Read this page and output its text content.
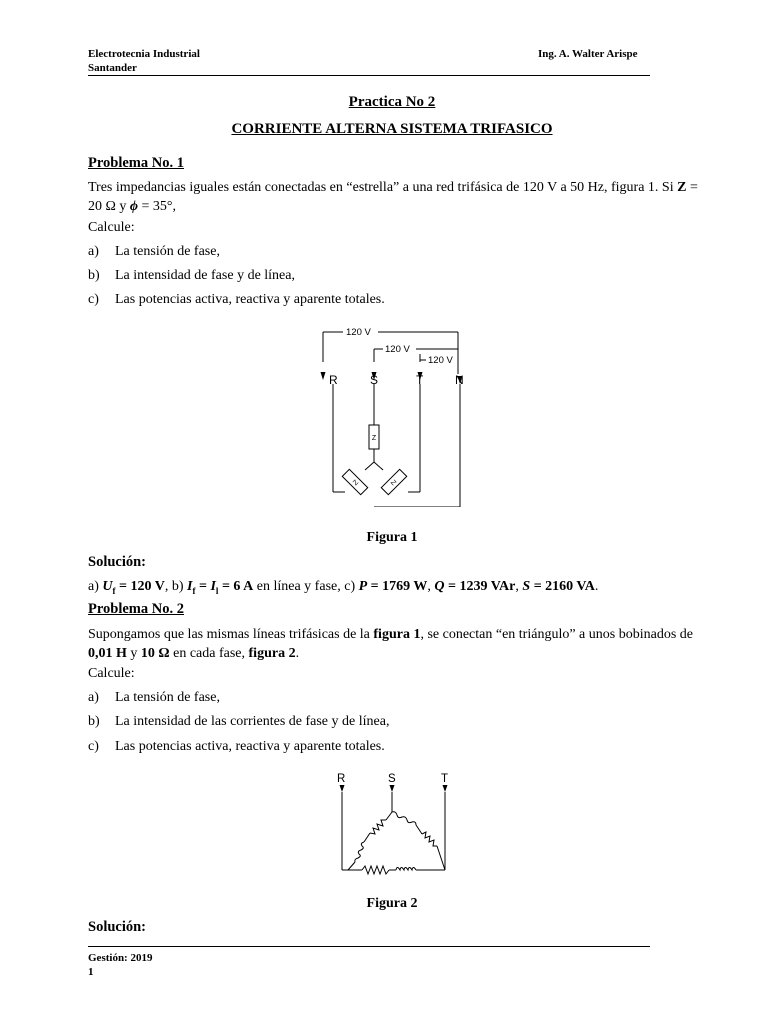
Electrotecnia Industrial
Santander
Ing. A. Walter Arispe
Practica No 2
CORRIENTE ALTERNA SISTEMA TRIFASICO
Problema No. 1
Tres impedancias iguales están conectadas en “estrella” a una red trifásica de 120 V a 50 Hz, figura 1. Si Z = 20 Ω y ϕ = 35°,
Calcule:
a) La tensión de fase,
b) La intensidad de fase y de línea,
c) Las potencias activa, reactiva y aparente totales.
120 V
120 V
120 V
R	S	T	N
Z
Z	Z
Figura 1
Solución:
a) $U_f = 120$ V, b) $I_f = I_l = 6$ A en línea y fase, c) P = 1769 W, Q = 1239 VAr, S = 2160 VA.
Problema No. 2
Supongamos que las mismas líneas trifásicas de la figura 1, se conectan “en triángulo” a unos bobinados de 0,01 H y 10 Ω en cada fase, figura 2.
Calcule:
a) La tensión de fase,
b) La intensidad de las corrientes de fase y de línea,
c) Las potencias activa, reactiva y aparente totales.
R	S	T
Figura 2
Solución:
Gestión: 2019
1
